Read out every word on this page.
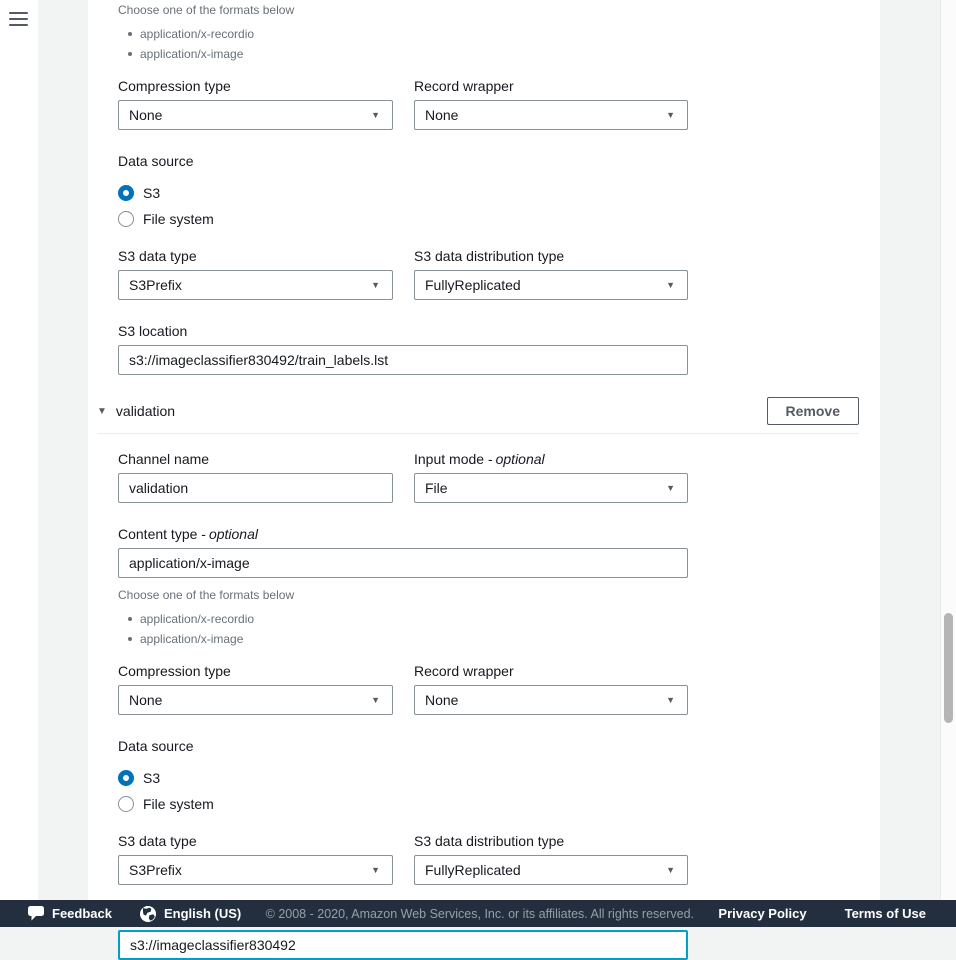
Choose one of the formats below
application/x-recordio
application/x-image
Compression type	Record wrapper
None	▼	None	▼
Data source
S3
File system
S3 data type	S3 data distribution type
S3Prefix	▼	FullyReplicated	▼
S3 location
s3://imageclassifier830492/train_labels.lst
▼ validation	Remove
Channel name	Input mode - optional
validation
File	▼
Content type - optional
application/x-image
Choose one of the formats below
application/x-recordio
application/x-image
Compression type	Record wrapper
None	▼	None	▼
Data source
S3
File system
S3 data type	S3 data distribution type
S3Prefix	▼	FullyReplicated	▼
s3://imageclassifier830492
Feedback	English (US)	© 2008 - 2020, Amazon Web Services, Inc. or its affiliates. All rights reserved.	Privacy Policy	Terms of Use
